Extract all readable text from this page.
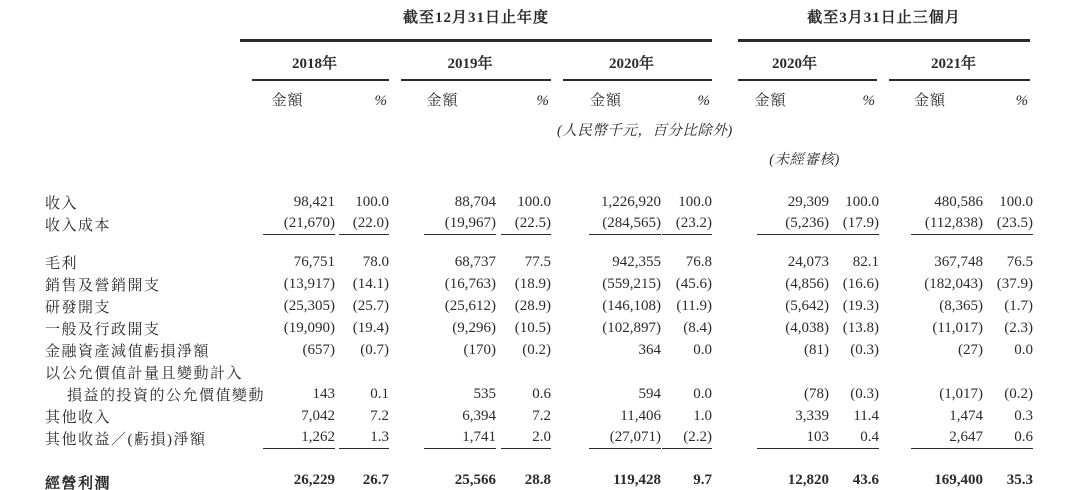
	截至12月31日止年度						截至3月31日止三個月			

	2018年		2019年		2020年		2020年		2021年	

	金額	%	金額	%	金額	%	金額	%	金額	%
					(人民幣千元，百分比除外)					
							(未經審核)			

收入	98,421	100.0	88,704	100.0	1,226,920	100.0	29,309	100.0	480,586	100.0
收入成本	(21,670)	(22.0)	(19,967)	(22.5)	(284,565)	(23.2)	(5,236)	(17.9)	(112,838)	(23.5)

毛利	76,751	78.0	68,737	77.5	942,355	76.8	24,073	82.1	367,748	76.5
銷售及營銷開支	(13,917)	(14.1)	(16,763)	(18.9)	(559,215)	(45.6)	(4,856)	(16.6)	(182,043)	(37.9)
研發開支	(25,305)	(25.7)	(25,612)	(28.9)	(146,108)	(11.9)	(5,642)	(19.3)	(8,365)	(1.7)
一般及行政開支	(19,090)	(19.4)	(9,296)	(10.5)	(102,897)	(8.4)	(4,038)	(13.8)	(11,017)	(2.3)
金融資產減值虧損淨額	(657)	(0.7)	(170)	(0.2)	364	0.0	(81)	(0.3)	(27)	0.0
以公允價值計量且變動計入										
損益的投資的公允價值變動	143	0.1	535	0.6	594	0.0	(78)	(0.3)	(1,017)	(0.2)
其他收入	7,042	7.2	6,394	7.2	11,406	1.0	3,339	11.4	1,474	0.3
其他收益／(虧損)淨額	1,262	1.3	1,741	2.0	(27,071)	(2.2)	103	0.4	2,647	0.6

經營利潤	26,229	26.7	25,566	28.8	119,428	9.7	12,820	43.6	169,400	35.3
